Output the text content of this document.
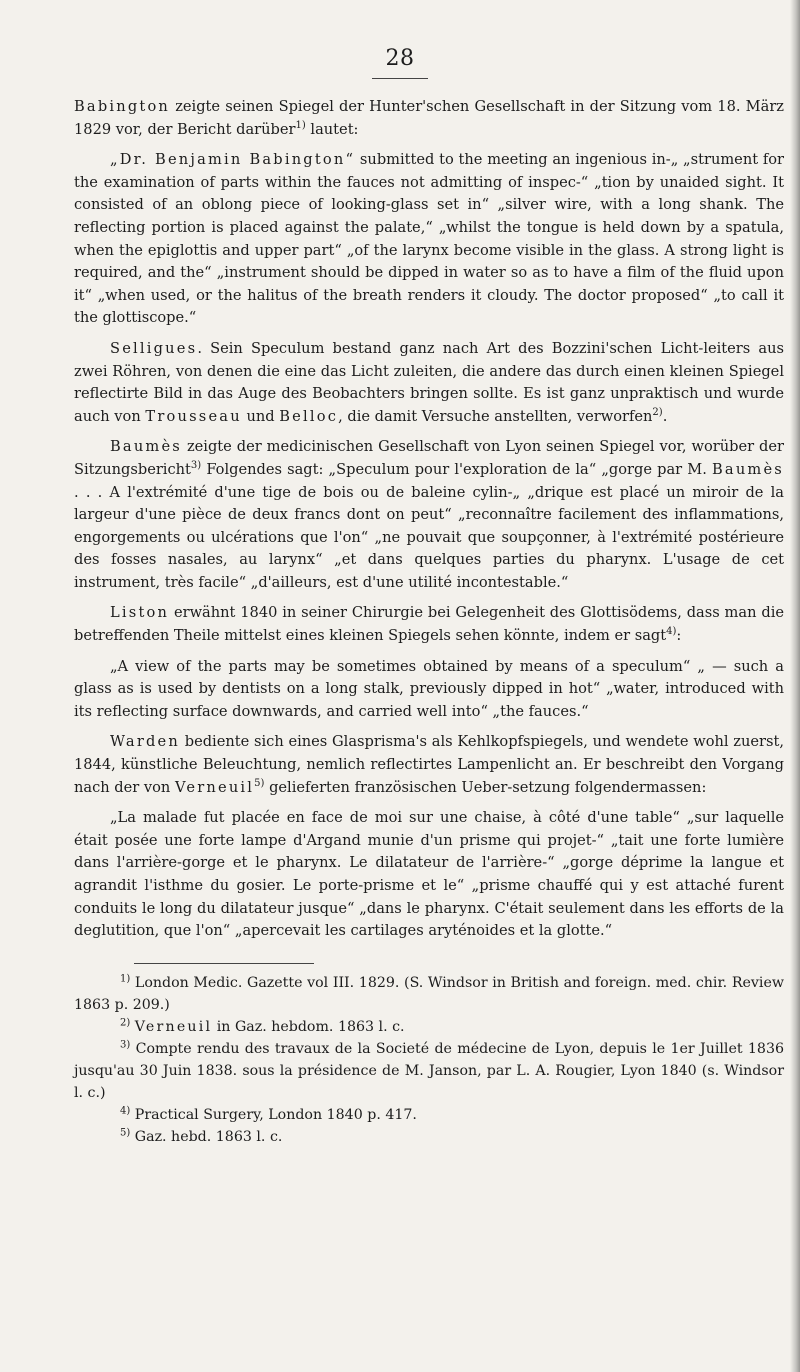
28

Babington zeigte seinen Spiegel der Hunter'schen Gesellschaft in der Sitzung vom 18. März 1829 vor, der Bericht darüber$^{1)}$ lautet:

„Dr. Benjamin Babington“ submitted to the meeting an ingenious in-„ „strument for the examination of parts within the fauces not admitting of inspec-“ „tion by unaided sight. It consisted of an oblong piece of looking-glass set in“ „silver wire, with a long shank. The reflecting portion is placed against the palate,“ „whilst the tongue is held down by a spatula, when the epiglottis and upper part“ „of the larynx become visible in the glass. A strong light is required, and the“ „instrument should be dipped in water so as to have a film of the fluid upon it“ „when used, or the halitus of the breath renders it cloudy. The doctor proposed“ „to call it the glottiscope.“

Selligues. Sein Speculum bestand ganz nach Art des Bozzini'schen Licht-leiters aus zwei Röhren, von denen die eine das Licht zuleiten, die andere das durch einen kleinen Spiegel reflectirte Bild in das Auge des Beobachters bringen sollte. Es ist ganz unpraktisch und wurde auch von Trousseau und Belloc, die damit Versuche anstellten, verworfen$^{2)}$.

Baumès zeigte der medicinischen Gesellschaft von Lyon seinen Spiegel vor, worüber der Sitzungsbericht$^{3)}$ Folgendes sagt: „Speculum pour l'exploration de la“ „gorge par M. Baumès . . . A l'extrémité d'une tige de bois ou de baleine cylin-„ „drique est placé un miroir de la largeur d'une pièce de deux francs dont on peut“ „reconnaître facilement des inflammations, engorgements ou ulcérations que l'on“ „ne pouvait que soupçonner, à l'extrémité postérieure des fosses nasales, au larynx“ „et dans quelques parties du pharynx. L'usage de cet instrument, très facile“ „d'ailleurs, est d'une utilité incontestable.“

Liston erwähnt 1840 in seiner Chirurgie bei Gelegenheit des Glottisödems, dass man die betreffenden Theile mittelst eines kleinen Spiegels sehen könnte, indem er sagt$^{4)}$:

„A view of the parts may be sometimes obtained by means of a speculum“ „ — such a glass as is used by dentists on a long stalk, previously dipped in hot“ „water, introduced with its reflecting surface downwards, and carried well into“ „the fauces.“

Warden bediente sich eines Glasprisma's als Kehlkopfspiegels, und wendete wohl zuerst, 1844, künstliche Beleuchtung, nemlich reflectirtes Lampenlicht an. Er beschreibt den Vorgang nach der von Verneuil$^{5)}$ gelieferten französischen Ueber-setzung folgendermassen:

„La malade fut placée en face de moi sur une chaise, à côté d'une table“ „sur laquelle était posée une forte lampe d'Argand munie d'un prisme qui projet-“ „tait une forte lumière dans l'arrière-gorge et le pharynx. Le dilatateur de l'arrière-“ „gorge déprime la langue et agrandit l'isthme du gosier. Le porte-prisme et le“ „prisme chauffé qui y est attaché furent conduits le long du dilatateur jusque“ „dans le pharynx. C'était seulement dans les efforts de la deglutition, que l'on“ „apercevait les cartilages aryténoides et la glotte.“

$^{1)}$ London Medic. Gazette vol III. 1829. (S. Windsor in British and foreign. med. chir. Review 1863 p. 209.)

$^{2)}$ Verneuil in Gaz. hebdom. 1863 l. c.

$^{3)}$ Compte rendu des travaux de la Societé de médecine de Lyon, depuis le 1er Juillet 1836 jusqu'au 30 Juin 1838. sous la présidence de M. Janson, par L. A. Rougier, Lyon 1840 (s. Windsor l. c.)

$^{4)}$ Practical Surgery, London 1840 p. 417.

$^{5)}$ Gaz. hebd. 1863 l. c.
